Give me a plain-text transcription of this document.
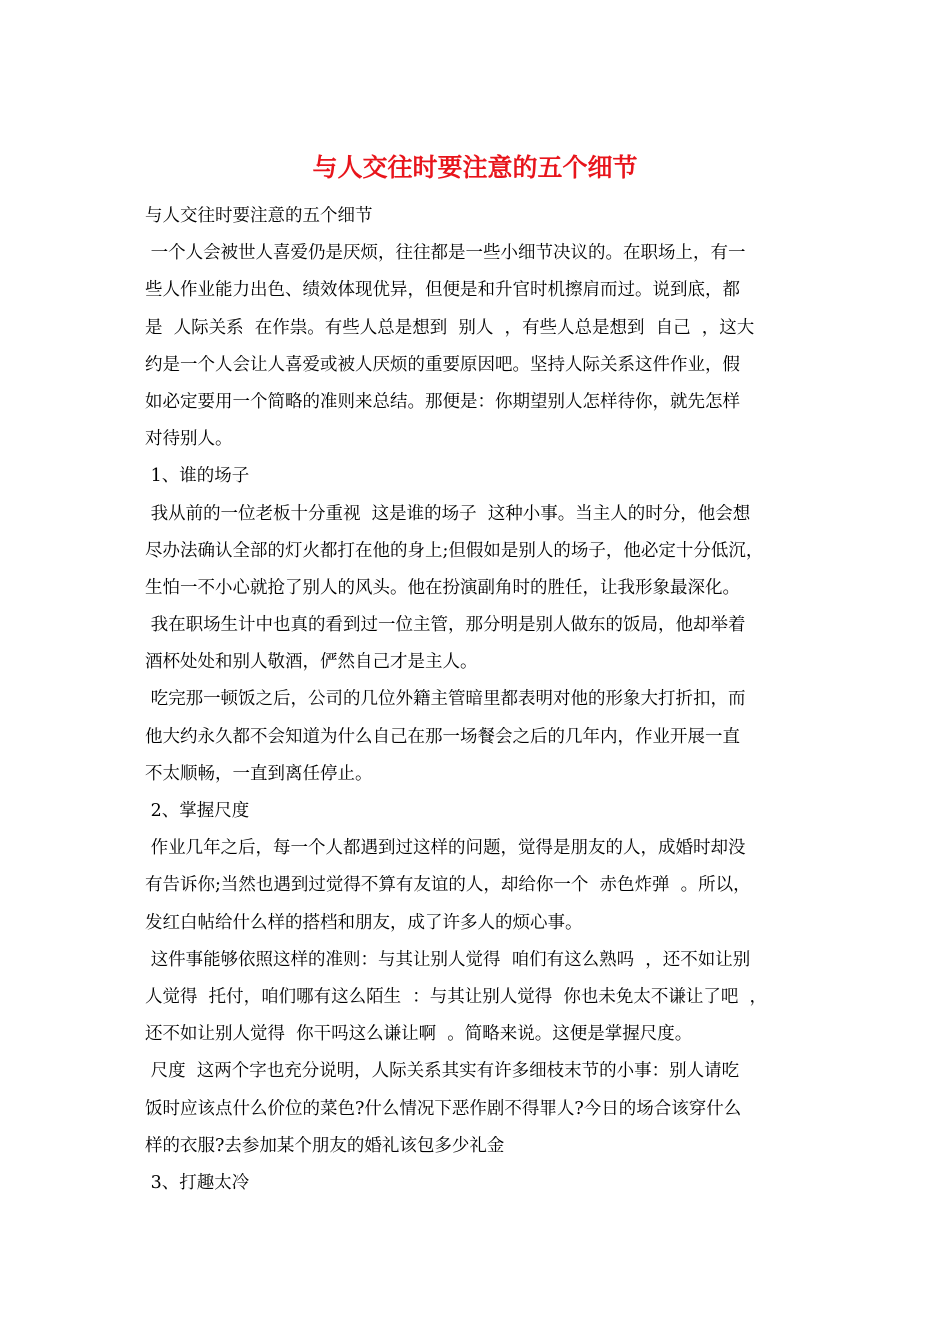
与人交往时要注意的五个细节
与人交往时要注意的五个细节
一个人会被世人喜爱仍是厌烦，往往都是一些小细节决议的。在职场上，有一
些人作业能力出色、绩效体现优异，但便是和升官时机擦肩而过。说到底，都
是  人际关系  在作祟。有些人总是想到  别人  ，有些人总是想到  自己  ，这大
约是一个人会让人喜爱或被人厌烦的重要原因吧。坚持人际关系这件作业，假
如必定要用一个简略的准则来总结。那便是：你期望别人怎样待你，就先怎样
对待别人。
1、谁的场子
我从前的一位老板十分重视  这是谁的场子  这种小事。当主人的时分，他会想
尽办法确认全部的灯火都打在他的身上;但假如是别人的场子，他必定十分低沉，
生怕一不小心就抢了别人的风头。他在扮演副角时的胜任，让我形象最深化。
我在职场生计中也真的看到过一位主管，那分明是别人做东的饭局，他却举着
酒杯处处和别人敬酒，俨然自己才是主人。
吃完那一顿饭之后，公司的几位外籍主管暗里都表明对他的形象大打折扣，而
他大约永久都不会知道为什么自己在那一场餐会之后的几年内，作业开展一直
不太顺畅，一直到离任停止。
2、掌握尺度
作业几年之后，每一个人都遇到过这样的问题，觉得是朋友的人，成婚时却没
有告诉你;当然也遇到过觉得不算有友谊的人，却给你一个  赤色炸弹  。所以，
发红白帖给什么样的搭档和朋友，成了许多人的烦心事。
这件事能够依照这样的准则：与其让别人觉得  咱们有这么熟吗  ，还不如让别
人觉得  托付，咱们哪有这么陌生  ：与其让别人觉得  你也未免太不谦让了吧  ，
还不如让别人觉得  你干吗这么谦让啊  。简略来说。这便是掌握尺度。
尺度  这两个字也充分说明，人际关系其实有许多细枝末节的小事：别人请吃
饭时应该点什么价位的菜色?什么情况下恶作剧不得罪人?今日的场合该穿什么
样的衣服?去参加某个朋友的婚礼该包多少礼金
3、打趣太冷
